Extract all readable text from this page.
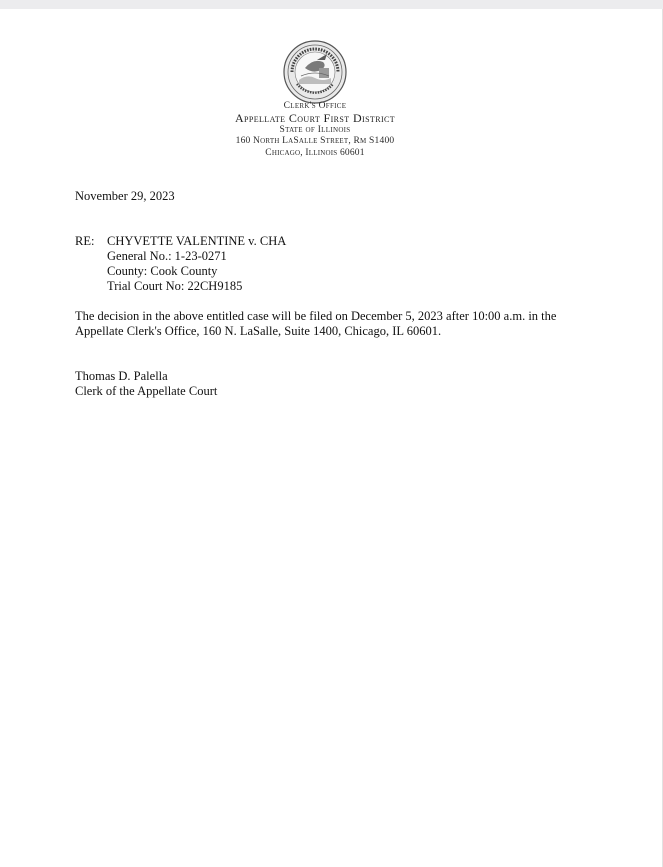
Clerk's Office
Appellate Court First District
State of Illinois
160 North LaSalle Street, Rm S1400
Chicago, Illinois 60601
November 29, 2023
RE: CHYVETTE VALENTINE v. CHA
General No.: 1-23-0271
County: Cook County
Trial Court No: 22CH9185
The decision in the above entitled case will be filed on December 5, 2023 after 10:00 a.m. in the
Appellate Clerk's Office, 160 N. LaSalle, Suite 1400, Chicago, IL 60601.
Thomas D. Palella
Clerk of the Appellate Court
